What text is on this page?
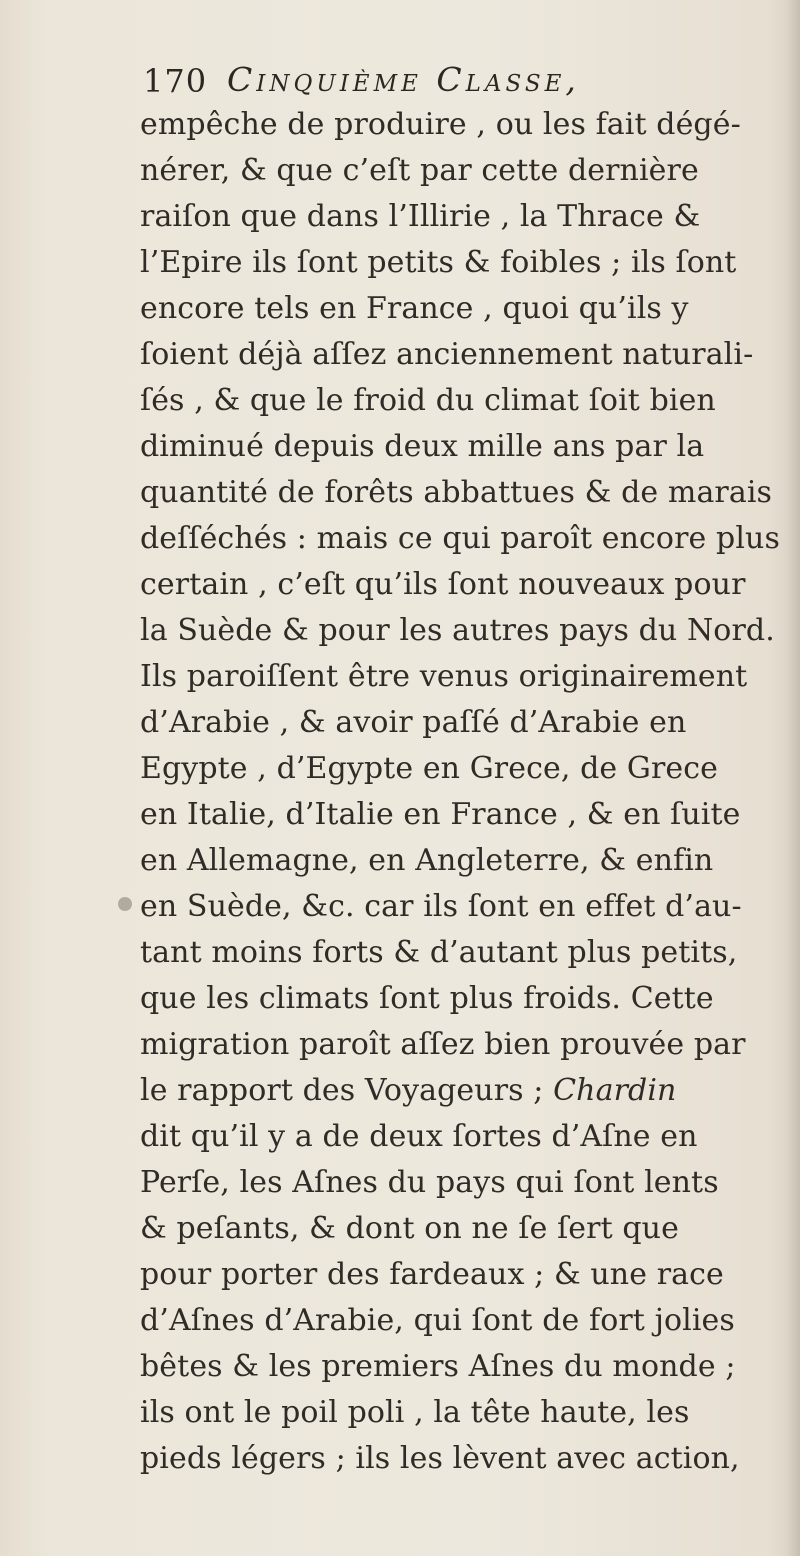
170 Cinquième Classe,
empêche de produire , ou les fait dégé-
nérer, & que c’eſt par cette dernière
raiſon que dans l’Illirie , la Thrace &
l’Epire ils ſont petits & foibles ; ils ſont
encore tels en France , quoi qu’ils y
ſoient déjà aſſez anciennement naturali-
ſés , & que le froid du climat ſoit bien
diminué depuis deux mille ans par la
quantité de forêts abbattues & de marais
deſſéchés : mais ce qui paroît encore plus
certain , c’eſt qu’ils ſont nouveaux pour
la Suède & pour les autres pays du Nord.
Ils paroiſſent être venus originairement
d’Arabie , & avoir paſſé d’Arabie en
Egypte , d’Egypte en Grece, de Grece
en Italie, d’Italie en France , & en ſuite
en Allemagne, en Angleterre, & enfin
en Suède, &c. car ils ſont en effet d’au-
tant moins forts & d’autant plus petits,
que les climats ſont plus froids. Cette
migration paroît aſſez bien prouvée par
le rapport des Voyageurs ; Chardin
dit qu’il y a de deux ſortes d’Aſne en
Perſe, les Aſnes du pays qui ſont lents
& peſants, & dont on ne ſe ſert que
pour porter des fardeaux ; & une race
d’Aſnes d’Arabie, qui ſont de fort jolies
bêtes & les premiers Aſnes du monde ;
ils ont le poil poli , la tête haute, les
pieds légers ; ils les lèvent avec action,
